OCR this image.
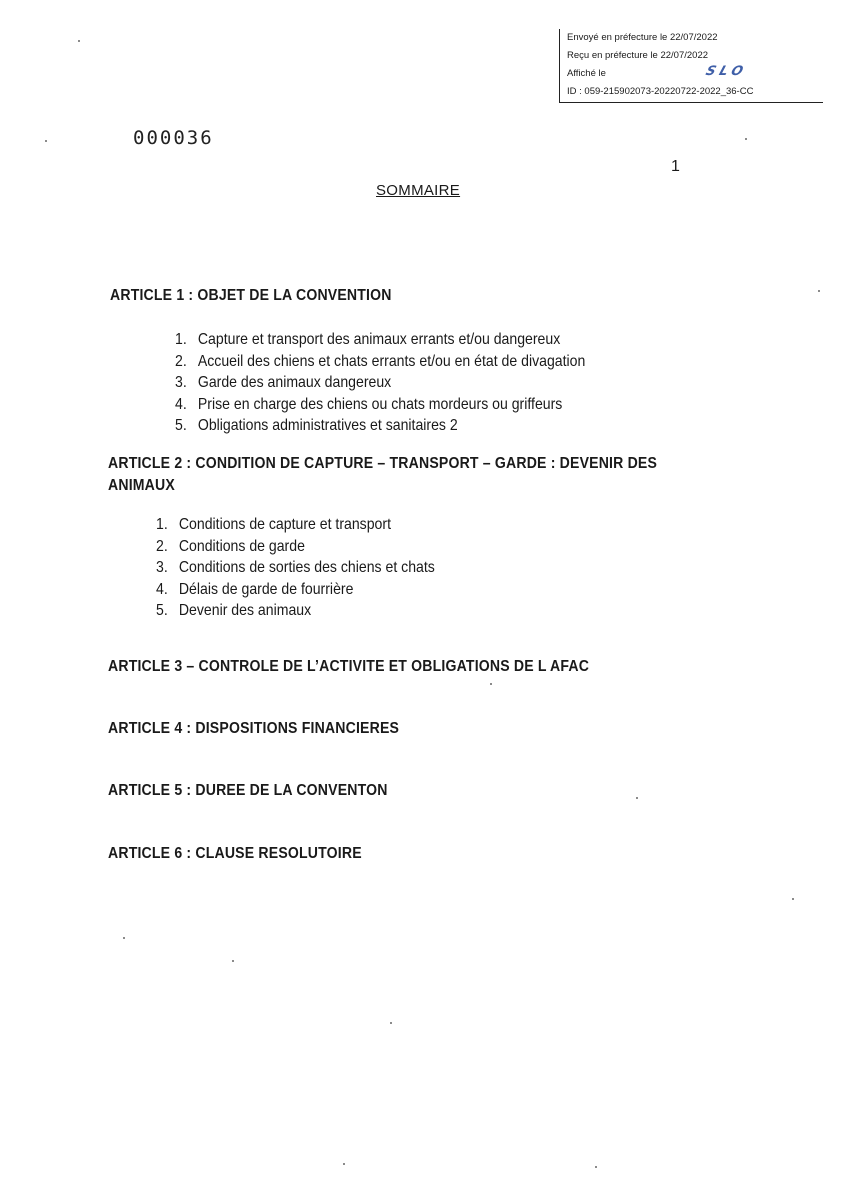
Envoyé en préfecture le 22/07/2022
Reçu en préfecture le 22/07/2022
Affiché le
ID : 059-215902073-20220722-2022_36-CC
SLO
000036
1
SOMMAIRE
ARTICLE 1 : OBJET DE LA CONVENTION
1. Capture et transport des animaux errants et/ou dangereux
2. Accueil des chiens et chats errants et/ou en état de divagation
3. Garde des animaux dangereux
4. Prise en charge des chiens ou chats mordeurs ou griffeurs
5. Obligations administratives et sanitaires 2
ARTICLE 2 : CONDITION DE CAPTURE – TRANSPORT – GARDE : DEVENIR DES ANIMAUX
1. Conditions de capture et transport
2. Conditions de garde
3. Conditions de sorties des chiens et chats
4. Délais de garde de fourrière
5. Devenir des animaux
ARTICLE 3 – CONTROLE DE L’ACTIVITE ET OBLIGATIONS DE L AFAC
ARTICLE 4 : DISPOSITIONS FINANCIERES
ARTICLE 5 : DUREE DE LA CONVENTON
ARTICLE 6 : CLAUSE RESOLUTOIRE
